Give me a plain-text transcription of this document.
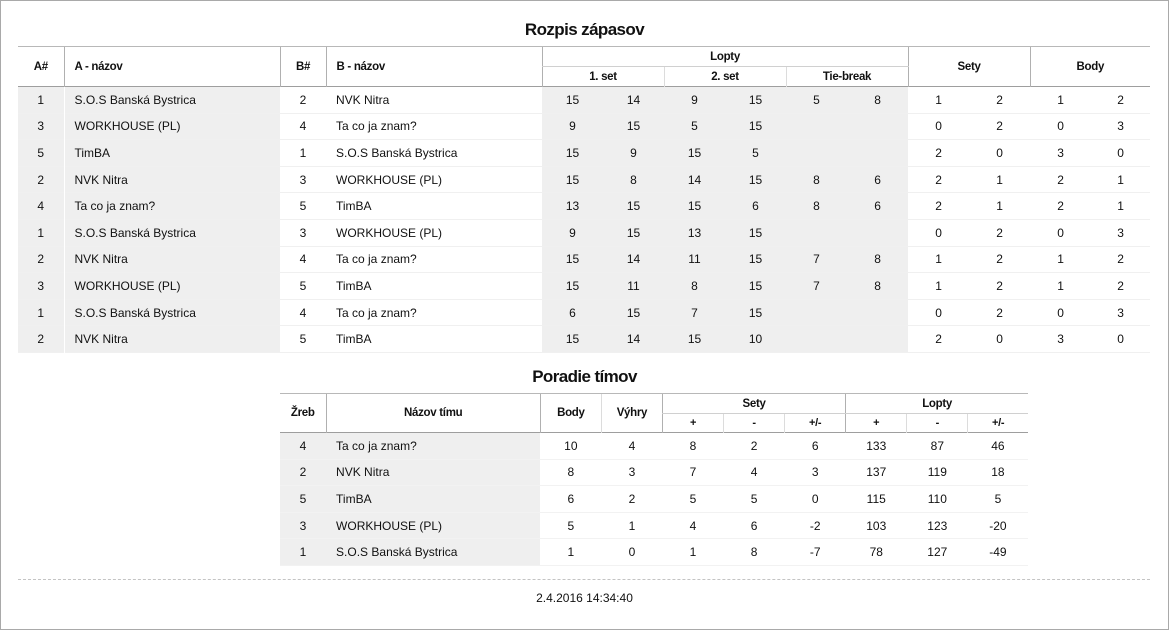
Rozpis zápasov
A#	A - názov	B#	B - názov	Lopty						Sety		Body	
				1. set		2. set		Tie-break					
1	S.O.S Banská Bystrica	2	NVK Nitra	15	14	9	15	5	8	1	2	1	2
3	WORKHOUSE (PL)	4	Ta co ja znam?	9	15	5	15			0	2	0	3
5	TimBA	1	S.O.S Banská Bystrica	15	9	15	5			2	0	3	0
2	NVK Nitra	3	WORKHOUSE (PL)	15	8	14	15	8	6	2	1	2	1
4	Ta co ja znam?	5	TimBA	13	15	15	6	8	6	2	1	2	1
1	S.O.S Banská Bystrica	3	WORKHOUSE (PL)	9	15	13	15			0	2	0	3
2	NVK Nitra	4	Ta co ja znam?	15	14	11	15	7	8	1	2	1	2
3	WORKHOUSE (PL)	5	TimBA	15	11	8	15	7	8	1	2	1	2
1	S.O.S Banská Bystrica	4	Ta co ja znam?	6	15	7	15			0	2	0	3
2	NVK Nitra	5	TimBA	15	14	15	10			2	0	3	0
Poradie tímov
Žreb	Názov tímu	Body	Výhry	Sety			Lopty		
				+	-	+/-	+	-	+/-
4	Ta co ja znam?	10	4	8	2	6	133	87	46
2	NVK Nitra	8	3	7	4	3	137	119	18
5	TimBA	6	2	5	5	0	115	110	5
3	WORKHOUSE (PL)	5	1	4	6	-2	103	123	-20
1	S.O.S Banská Bystrica	1	0	1	8	-7	78	127	-49
2.4.2016 14:34:40
